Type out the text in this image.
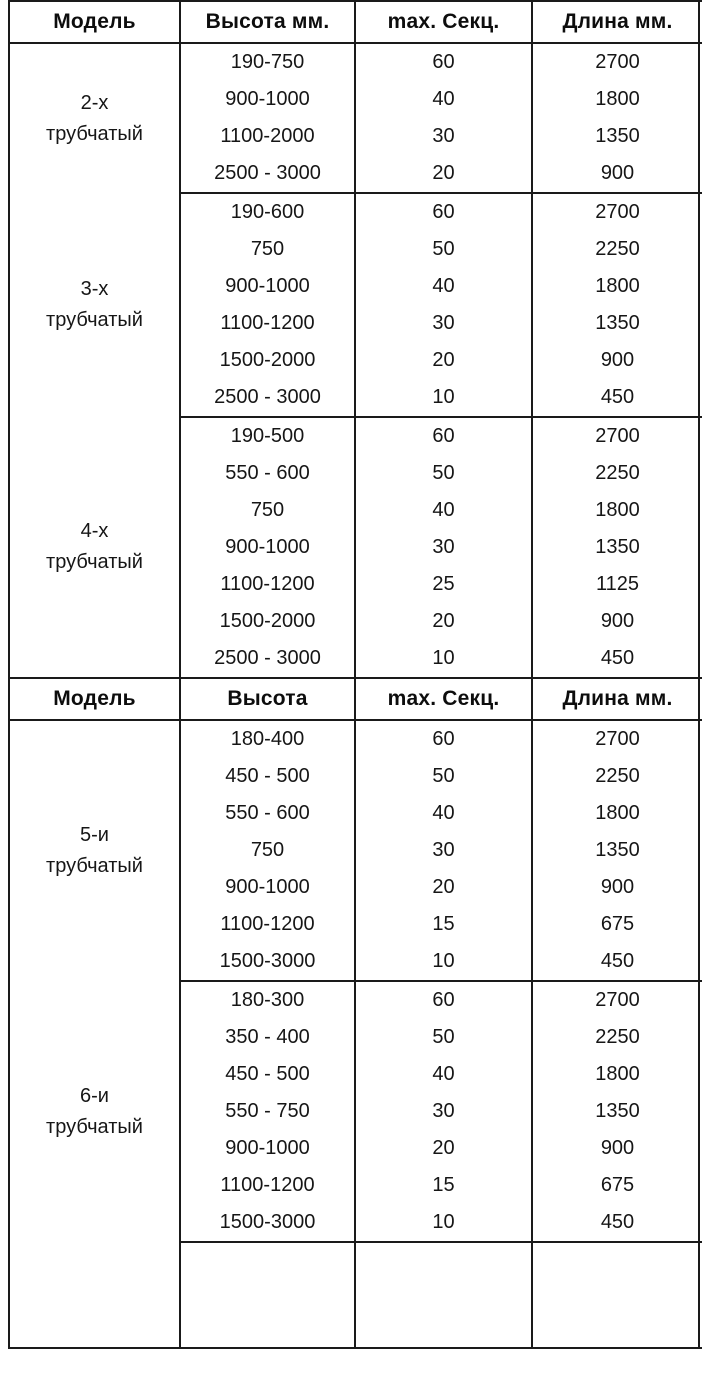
Модель	Высота мм.	max. Секц.	Длина мм.

2-х
трубчатый	190-750	60	2700
	900-1000	40	1800
	1100-2000	30	1350
	2500 - 3000	20	900

3-х
трубчатый	190-600	60	2700
	750	50	2250
	900-1000	40	1800
	1100-1200	30	1350
	1500-2000	20	900
	2500 - 3000	10	450

4-х
трубчатый	190-500	60	2700
	550 - 600	50	2250
	750	40	1800
	900-1000	30	1350
	1100-1200	25	1125
	1500-2000	20	900
	2500 - 3000	10	450
Модель	Высота	max. Секц.	Длина мм.

5-и
трубчатый	180-400	60	2700
	450 - 500	50	2250
	550 - 600	40	1800
	750	30	1350
	900-1000	20	900
	1100-1200	15	675
	1500-3000	10	450

6-и
трубчатый	180-300	60	2700
	350 - 400	50	2250
	450 - 500	40	1800
	550 - 750	30	1350
	900-1000	20	900
	1100-1200	15	675
	1500-3000	10	450
